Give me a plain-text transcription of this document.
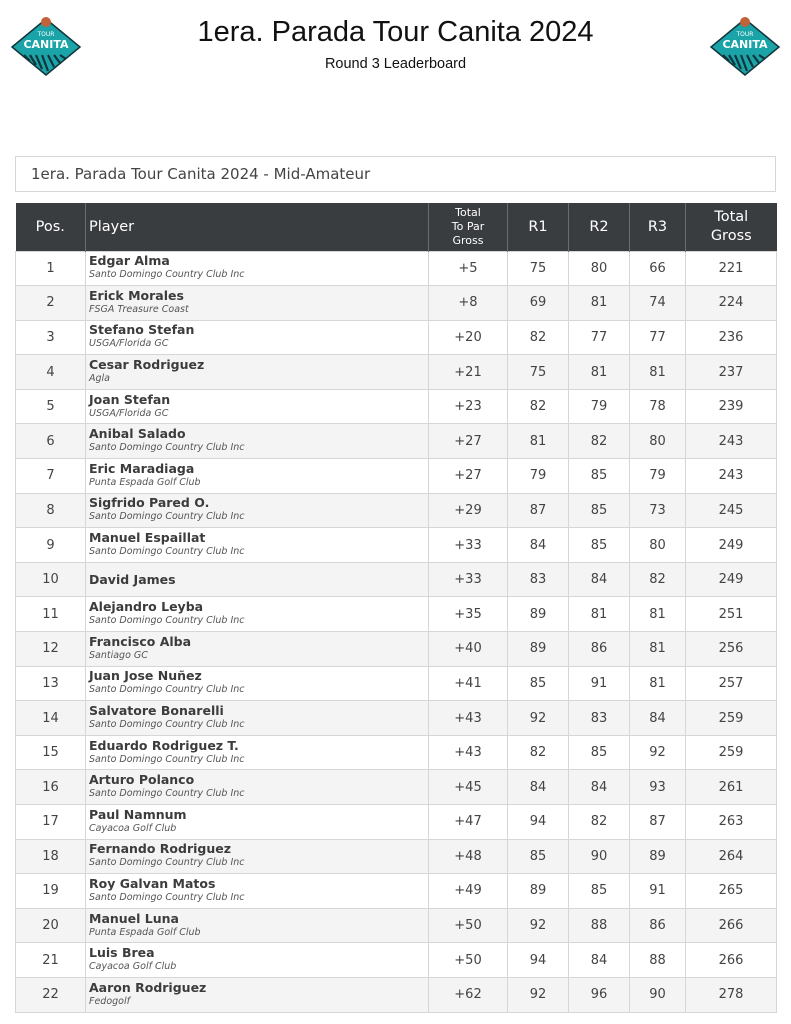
TOUR
CANITA	1era. Parada Tour Canita 2024
Round 3 Leaderboard
TOUR
CANITA
1era. Parada Tour Canita 2024 - Mid-Amateur
Pos.	Player	Total
To Par
Gross	R1	R2	R3	Total
Gross
1	Edgar Alma
Santo Domingo Country Club Inc	+5	75	80	66	221
2	Erick Morales
FSGA Treasure Coast	+8	69	81	74	224
3	Stefano Stefan
USGA/Florida GC	+20	82	77	77	236
4	Cesar Rodriguez
Agla	+21	75	81	81	237
5	Joan Stefan
USGA/Florida GC	+23	82	79	78	239
6	Anibal Salado
Santo Domingo Country Club Inc	+27	81	82	80	243
7	Eric Maradiaga
Punta Espada Golf Club	+27	79	85	79	243
8	Sigfrido Pared O.
Santo Domingo Country Club Inc	+29	87	85	73	245
9	Manuel Espaillat
Santo Domingo Country Club Inc	+33	84	85	80	249
10	David James	+33	83	84	82	249
11	Alejandro Leyba
Santo Domingo Country Club Inc	+35	89	81	81	251
12	Francisco Alba
Santiago GC	+40	89	86	81	256
13	Juan Jose Nuñez
Santo Domingo Country Club Inc	+41	85	91	81	257
14	Salvatore Bonarelli
Santo Domingo Country Club Inc	+43	92	83	84	259
15	Eduardo Rodriguez T.
Santo Domingo Country Club Inc	+43	82	85	92	259
16	Arturo Polanco
Santo Domingo Country Club Inc	+45	84	84	93	261
17	Paul Namnum
Cayacoa Golf Club	+47	94	82	87	263
18	Fernando Rodriguez
Santo Domingo Country Club Inc	+48	85	90	89	264
19	Roy Galvan Matos
Santo Domingo Country Club Inc	+49	89	85	91	265
20	Manuel Luna
Punta Espada Golf Club	+50	92	88	86	266
21	Luis Brea
Cayacoa Golf Club	+50	94	84	88	266
22	Aaron Rodriguez
Fedogolf	+62	92	96	90	278
